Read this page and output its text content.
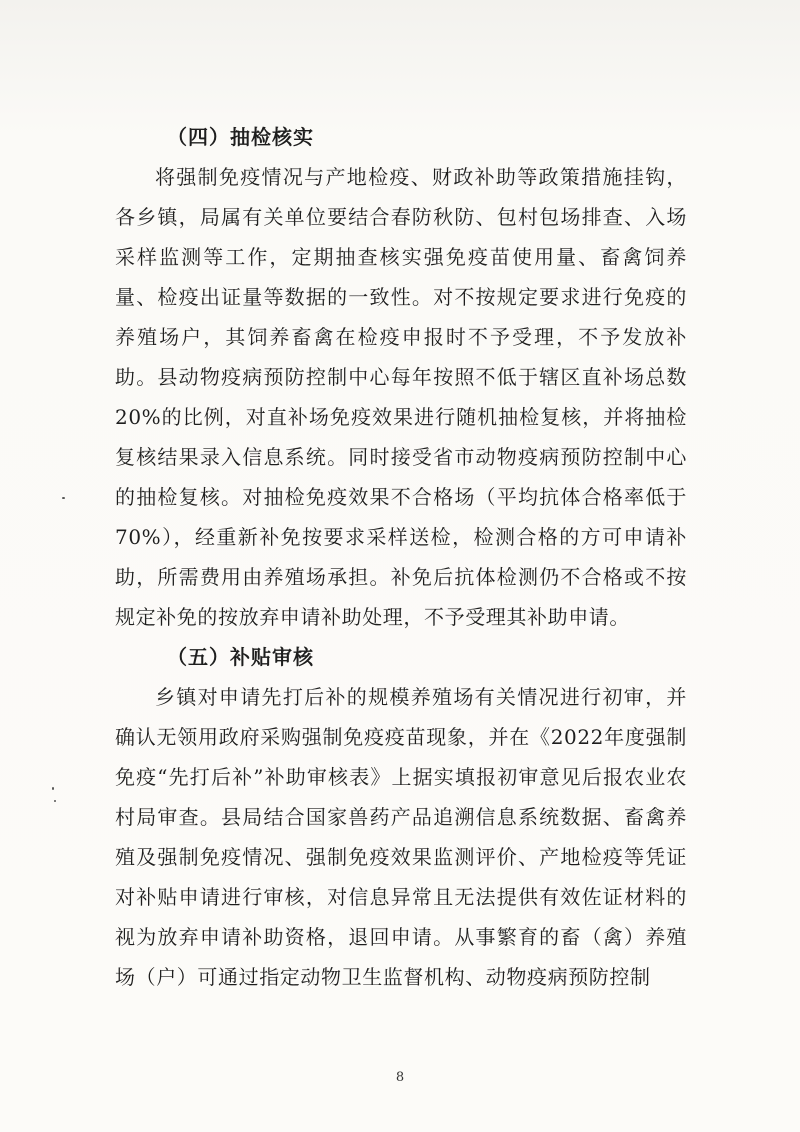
（四）抽检核实

将强制免疫情况与产地检疫、财政补助等政策措施挂钩，各乡镇，局属有关单位要结合春防秋防、包村包场排查、入场采样监测等工作，定期抽查核实强免疫苗使用量、畜禽饲养量、检疫出证量等数据的一致性。对不按规定要求进行免疫的养殖场户，其饲养畜禽在检疫申报时不予受理，不予发放补助。县动物疫病预防控制中心每年按照不低于辖区直补场总数20%的比例，对直补场免疫效果进行随机抽检复核，并将抽检复核结果录入信息系统。同时接受省市动物疫病预防控制中心的抽检复核。对抽检免疫效果不合格场（平均抗体合格率低于70%），经重新补免按要求采样送检，检测合格的方可申请补助，所需费用由养殖场承担。补免后抗体检测仍不合格或不按规定补免的按放弃申请补助处理，不予受理其补助申请。

（五）补贴审核

乡镇对申请先打后补的规模养殖场有关情况进行初审，并确认无领用政府采购强制免疫疫苗现象，并在《2022年度强制免疫“先打后补”补助审核表》上据实填报初审意见后报农业农村局审查。县局结合国家兽药产品追溯信息系统数据、畜禽养殖及强制免疫情况、强制免疫效果监测评价、产地检疫等凭证对补贴申请进行审核，对信息异常且无法提供有效佐证材料的视为放弃申请补助资格，退回申请。从事繁育的畜（禽）养殖场（户）可通过指定动物卫生监督机构、动物疫病预防控制

8
